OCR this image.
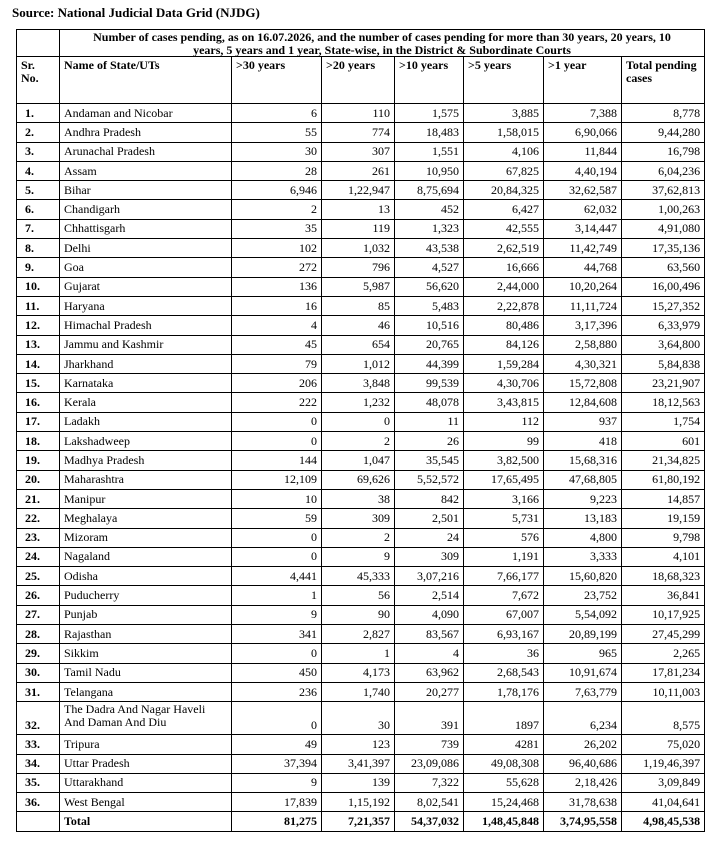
Source: National Judicial Data Grid (NJDG)
	Number of cases pending, as on 16.07.2026, and the number of cases pending for more than 30 years, 20 years, 10 years, 5 years and 1 year, State-wise, in the District & Subordinate Courts						
Sr. No.	Name of State/UTs	>30 years	>20 years	>10 years	>5 years	>1 year	Total pending cases
1.	Andaman and Nicobar	6	110	1,575	3,885	7,388	8,778
2.	Andhra Pradesh	55	774	18,483	1,58,015	6,90,066	9,44,280
3.	Arunachal Pradesh	30	307	1,551	4,106	11,844	16,798
4.	Assam	28	261	10,950	67,825	4,40,194	6,04,236
5.	Bihar	6,946	1,22,947	8,75,694	20,84,325	32,62,587	37,62,813
6.	Chandigarh	2	13	452	6,427	62,032	1,00,263
7.	Chhattisgarh	35	119	1,323	42,555	3,14,447	4,91,080
8.	Delhi	102	1,032	43,538	2,62,519	11,42,749	17,35,136
9.	Goa	272	796	4,527	16,666	44,768	63,560
10.	Gujarat	136	5,987	56,620	2,44,000	10,20,264	16,00,496
11.	Haryana	16	85	5,483	2,22,878	11,11,724	15,27,352
12.	Himachal Pradesh	4	46	10,516	80,486	3,17,396	6,33,979
13.	Jammu and Kashmir	45	654	20,765	84,126	2,58,880	3,64,800
14.	Jharkhand	79	1,012	44,399	1,59,284	4,30,321	5,84,838
15.	Karnataka	206	3,848	99,539	4,30,706	15,72,808	23,21,907
16.	Kerala	222	1,232	48,078	3,43,815	12,84,608	18,12,563
17.	Ladakh	0	0	11	112	937	1,754
18.	Lakshadweep	0	2	26	99	418	601
19.	Madhya Pradesh	144	1,047	35,545	3,82,500	15,68,316	21,34,825
20.	Maharashtra	12,109	69,626	5,52,572	17,65,495	47,68,805	61,80,192
21.	Manipur	10	38	842	3,166	9,223	14,857
22.	Meghalaya	59	309	2,501	5,731	13,183	19,159
23.	Mizoram	0	2	24	576	4,800	9,798
24.	Nagaland	0	9	309	1,191	3,333	4,101
25.	Odisha	4,441	45,333	3,07,216	7,66,177	15,60,820	18,68,323
26.	Puducherry	1	56	2,514	7,672	23,752	36,841
27.	Punjab	9	90	4,090	67,007	5,54,092	10,17,925
28.	Rajasthan	341	2,827	83,567	6,93,167	20,89,199	27,45,299
29.	Sikkim	0	1	4	36	965	2,265
30.	Tamil Nadu	450	4,173	63,962	2,68,543	10,91,674	17,81,234
31.	Telangana	236	1,740	20,277	1,78,176	7,63,779	10,11,003
32.	The Dadra And Nagar Haveli And Daman And Diu	0	30	391	1897	6,234	8,575
33.	Tripura	49	123	739	4281	26,202	75,020
34.	Uttar Pradesh	37,394	3,41,397	23,09,086	49,08,308	96,40,686	1,19,46,397
35.	Uttarakhand	9	139	7,322	55,628	2,18,426	3,09,849
36.	West Bengal	17,839	1,15,192	8,02,541	15,24,468	31,78,638	41,04,641
	Total	81,275	7,21,357	54,37,032	1,48,45,848	3,74,95,558	4,98,45,538
